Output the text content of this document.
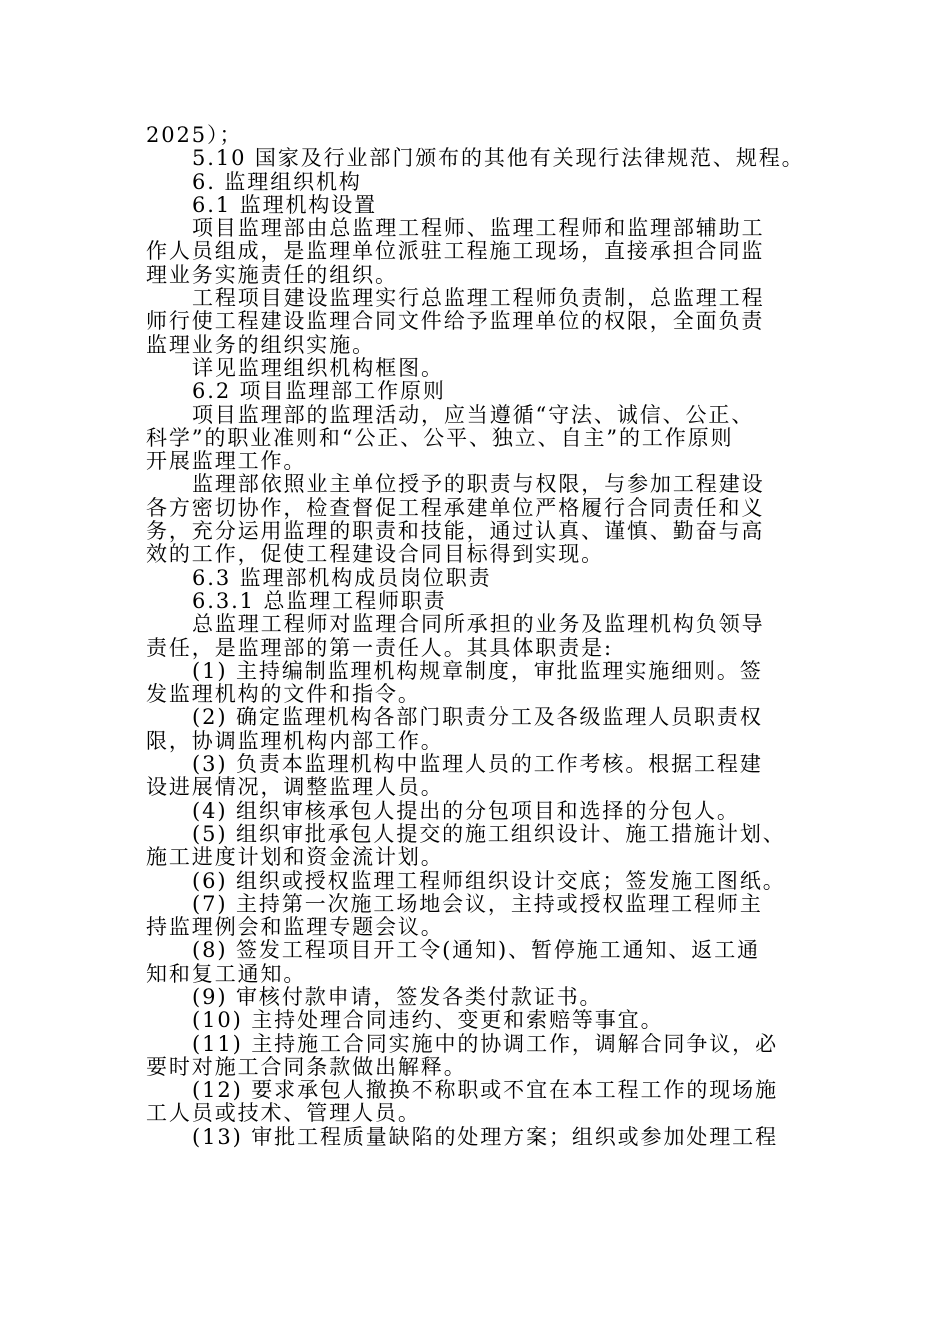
2025）；
5.10 国家及行业部门颁布的其他有关现行法律规范、规程。
6. 监理组织机构
6.1 监理机构设置
项目监理部由总监理工程师、监理工程师和监理部辅助工
作人员组成，是监理单位派驻工程施工现场，直接承担合同监
理业务实施责任的组织。
工程项目建设监理实行总监理工程师负责制，总监理工程
师行使工程建设监理合同文件给予监理单位的权限，全面负责
监理业务的组织实施。
详见监理组织机构框图。
6.2 项目监理部工作原则
项目监理部的监理活动，应当遵循“守法、诚信、公正、
科学”的职业准则和“公正、公平、独立、自主”的工作原则
开展监理工作。
监理部依照业主单位授予的职责与权限，与参加工程建设
各方密切协作，检查督促工程承建单位严格履行合同责任和义
务，充分运用监理的职责和技能，通过认真、谨慎、勤奋与高
效的工作，促使工程建设合同目标得到实现。
6.3 监理部机构成员岗位职责
6.3.1 总监理工程师职责
总监理工程师对监理合同所承担的业务及监理机构负领导
责任，是监理部的第一责任人。其具体职责是:
(1) 主持编制监理机构规章制度，审批监理实施细则。签
发监理机构的文件和指令。
(2) 确定监理机构各部门职责分工及各级监理人员职责权
限，协调监理机构内部工作。
(3) 负责本监理机构中监理人员的工作考核。根据工程建
设进展情况，调整监理人员。
(4) 组织审核承包人提出的分包项目和选择的分包人。
(5) 组织审批承包人提交的施工组织设计、施工措施计划、
施工进度计划和资金流计划。
(6) 组织或授权监理工程师组织设计交底；签发施工图纸。
(7) 主持第一次施工场地会议，主持或授权监理工程师主
持监理例会和监理专题会议。
(8) 签发工程项目开工令(通知)、暂停施工通知、返工通
知和复工通知。
(9) 审核付款申请，签发各类付款证书。
(10) 主持处理合同违约、变更和索赔等事宜。
(11) 主持施工合同实施中的协调工作，调解合同争议，必
要时对施工合同条款做出解释。
(12) 要求承包人撤换不称职或不宜在本工程工作的现场施
工人员或技术、管理人员。
(13) 审批工程质量缺陷的处理方案；组织或参加处理工程
